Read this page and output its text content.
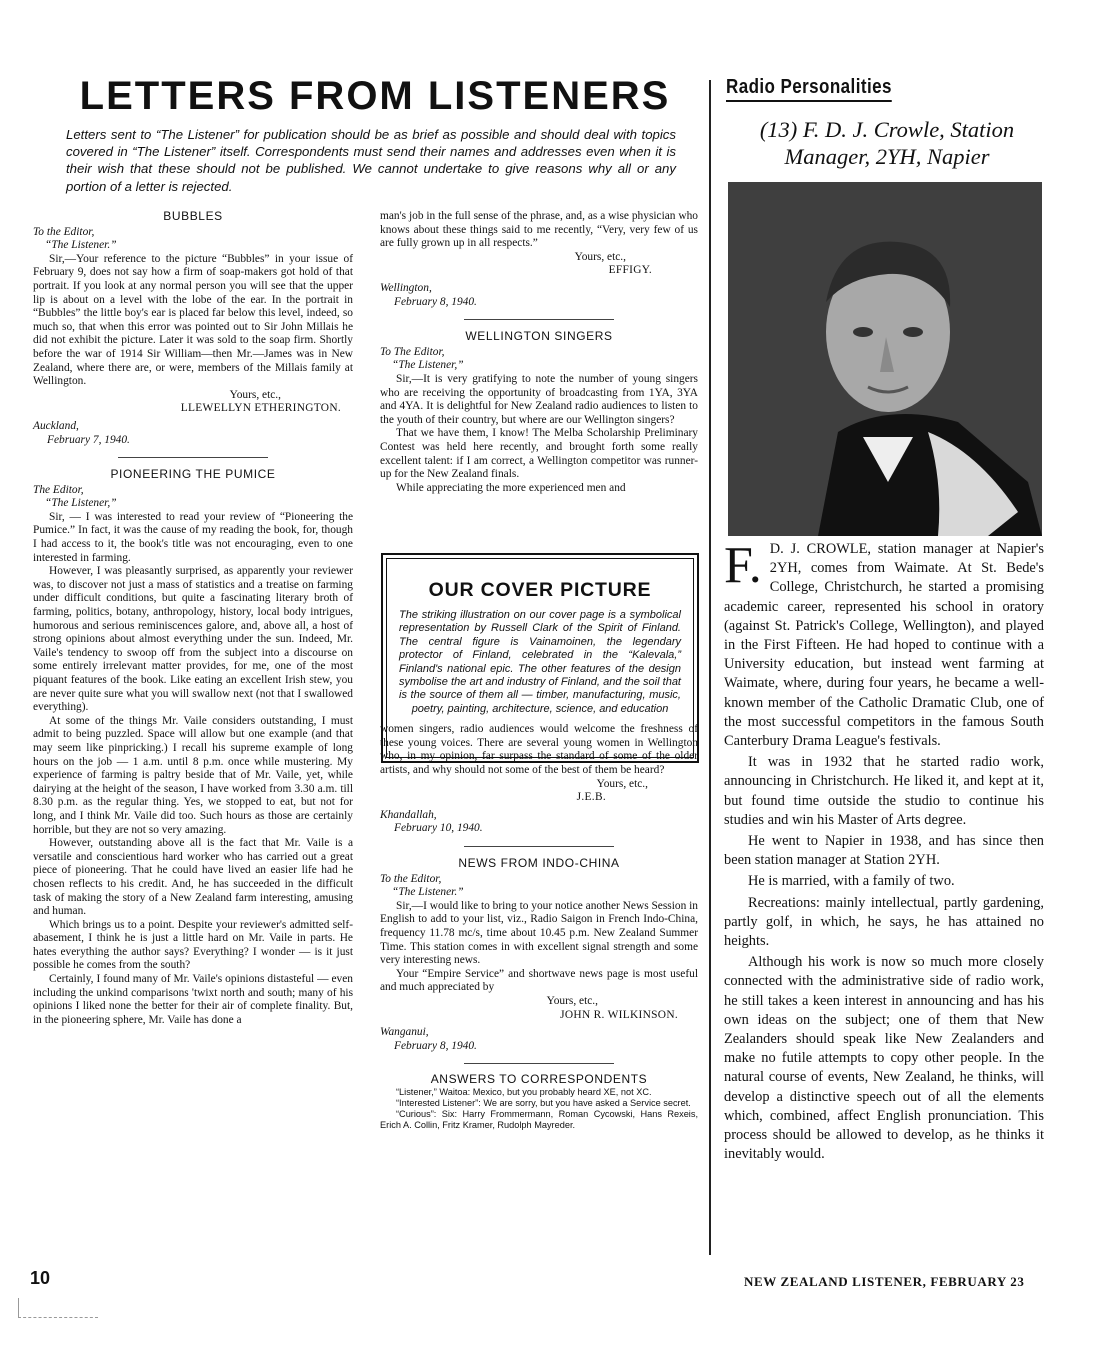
LETTERS FROM LISTENERS

Letters sent to “The Listener” for publication should be as brief as possible and should deal with topics covered in “The Listener” itself. Correspondents must send their names and addresses even when it is their wish that these should not be published. We cannot undertake to give reasons why all or any portion of a letter is rejected.

BUBBLES

To the Editor,

“The Listener.”

Sir,—Your reference to the picture “Bubbles” in your issue of February 9, does not say how a firm of soap-makers got hold of that portrait. If you look at any normal person you will see that the upper lip is about on a level with the lobe of the ear. In the portrait in “Bubbles” the little boy's ear is placed far below this level, indeed, so much so, that when this error was pointed out to Sir John Millais he did not exhibit the picture. Later it was sold to the soap firm. Shortly before the war of 1914 Sir William—then Mr.—James was in New Zealand, where there are, or were, members of the Millais family at Wellington.

Yours, etc.,

LLEWELLYN ETHERINGTON.

Auckland,

February 7, 1940.

PIONEERING THE PUMICE

The Editor,

“The Listener,”

Sir, — I was interested to read your review of “Pioneering the Pumice.” In fact, it was the cause of my reading the book, for, though I had access to it, the book's title was not encouraging, even to one interested in farming.

However, I was pleasantly surprised, as apparently your reviewer was, to discover not just a mass of statistics and a treatise on farming under difficult conditions, but quite a fascinating literary broth of farming, politics, botany, anthropology, history, local body intrigues, humorous and serious reminiscences galore, and, above all, a host of strong opinions about almost everything under the sun. Indeed, Mr. Vaile's tendency to swoop off from the subject into a discourse on some entirely irrelevant matter provides, for me, one of the most piquant features of the book. Like eating an excellent Irish stew, you are never quite sure what you will swallow next (not that I swallowed everything).

At some of the things Mr. Vaile considers outstanding, I must admit to being puzzled. Space will allow but one example (and that may seem like pinpricking.) I recall his supreme example of long hours on the job — 1 a.m. until 8 p.m. once while mustering. My experience of farming is paltry beside that of Mr. Vaile, yet, while dairying at the height of the season, I have worked from 3.30 a.m. till 8.30 p.m. as the regular thing. Yes, we stopped to eat, but not for long, and I think Mr. Vaile did too. Such hours as those are certainly horrible, but they are not so very amazing.

However, outstanding above all is the fact that Mr. Vaile is a versatile and conscientious hard worker who has carried out a great piece of pioneering. That he could have lived an easier life had he chosen reflects to his credit. And, he has succeeded in the difficult task of making the story of a New Zealand farm interesting, amusing and human.

Which brings us to a point. Despite your reviewer's admitted self-abasement, I think he is just a little hard on Mr. Vaile in parts. He hates everything the author says? Everything? I wonder — is it just possible he comes from the south?

Certainly, I found many of Mr. Vaile's opinions distasteful — even including the unkind comparisons 'twixt north and south; many of his opinions I liked none the better for their air of complete finality. But, in the pioneering sphere, Mr. Vaile has done a

man's job in the full sense of the phrase, and, as a wise physician who knows about these things said to me recently, “Very, very few of us are fully grown up in all respects.”

Yours, etc.,

EFFIGY.

Wellington,

February 8, 1940.

WELLINGTON SINGERS

To The Editor,

“The Listener,”

Sir,—It is very gratifying to note the number of young singers who are receiving the opportunity of broadcasting from 1YA, 3YA and 4YA. It is delightful for New Zealand radio audiences to listen to the youth of their country, but where are our Wellington singers?

That we have them, I know! The Melba Scholarship Preliminary Contest was held here recently, and brought forth some really excellent talent: if I am correct, a Wellington competitor was runner-up for the New Zealand finals.

While appreciating the more experienced men and

women singers, radio audiences would welcome the freshness of these young voices. There are several young women in Wellington who, in my opinion, far surpass the standard of some of the older artists, and why should not some of the best of them be heard?

Yours, etc.,

J.E.B.

Khandallah,

February 10, 1940.

NEWS FROM INDO-CHINA

To the Editor,

“The Listener.”

Sir,—I would like to bring to your notice another News Session in English to add to your list, viz., Radio Saigon in French Indo-China, frequency 11.78 mc/s, time about 10.45 p.m. New Zealand Summer Time. This station comes in with excellent signal strength and some very interesting news.

Your “Empire Service” and shortwave news page is most useful and much appreciated by

Yours, etc.,

JOHN R. WILKINSON.

Wanganui,

February 8, 1940.

ANSWERS TO CORRESPONDENTS

“Listener,” Waitoa: Mexico, but you probably heard XE, not XC.

“Interested Listener”: We are sorry, but you have asked a Service secret.

“Curious”: Six: Harry Frommermann, Roman Cycowski, Hans Rexeis, Erich A. Collin, Fritz Kramer, Rudolph Mayreder.

OUR COVER PICTURE

The striking illustration on our cover page is a symbolical representation by Russell Clark of the Spirit of Finland. The central figure is Vainamoinen, the legendary protector of Finland, celebrated in the “Kalevala,” Finland's national epic. The other features of the design symbolise the art and industry of Finland, and the soil that is the source of them all — timber, manufacturing, music, poetry, painting, architecture, science, and education

Radio Personalities
(13) F. D. J. Crowle, Station Manager, 2YH, Napier

F. D. J. CROWLE, station manager at Napier's 2YH, comes from Waimate. At St. Bede's College, Christchurch, he started a promising academic career, represented his school in oratory (against St. Patrick's College, Wellington), and played in the First Fifteen. He had hoped to continue with a University education, but instead went farming at Waimate, where, during four years, he became a well-known member of the Catholic Dramatic Club, one of the most successful competitors in the famous South Canterbury Drama League's festivals.

It was in 1932 that he started radio work, announcing in Christchurch. He liked it, and kept at it, but found time outside the studio to continue his studies and win his Master of Arts degree.

He went to Napier in 1938, and has since then been station manager at Station 2YH.

He is married, with a family of two.

Recreations: mainly intellectual, partly gardening, partly golf, in which, he says, he has attained no heights.

Although his work is now so much more closely connected with the administrative side of radio work, he still takes a keen interest in announcing and has his own ideas on the subject; one of them that New Zealanders should speak like New Zealanders and make no futile attempts to copy other people. In the natural course of events, New Zealand, he thinks, will develop a distinctive speech out of all the elements which, combined, affect English pronunciation. This process should be allowed to develop, as he thinks it inevitably would.

10	NEW ZEALAND LISTENER, FEBRUARY 23
